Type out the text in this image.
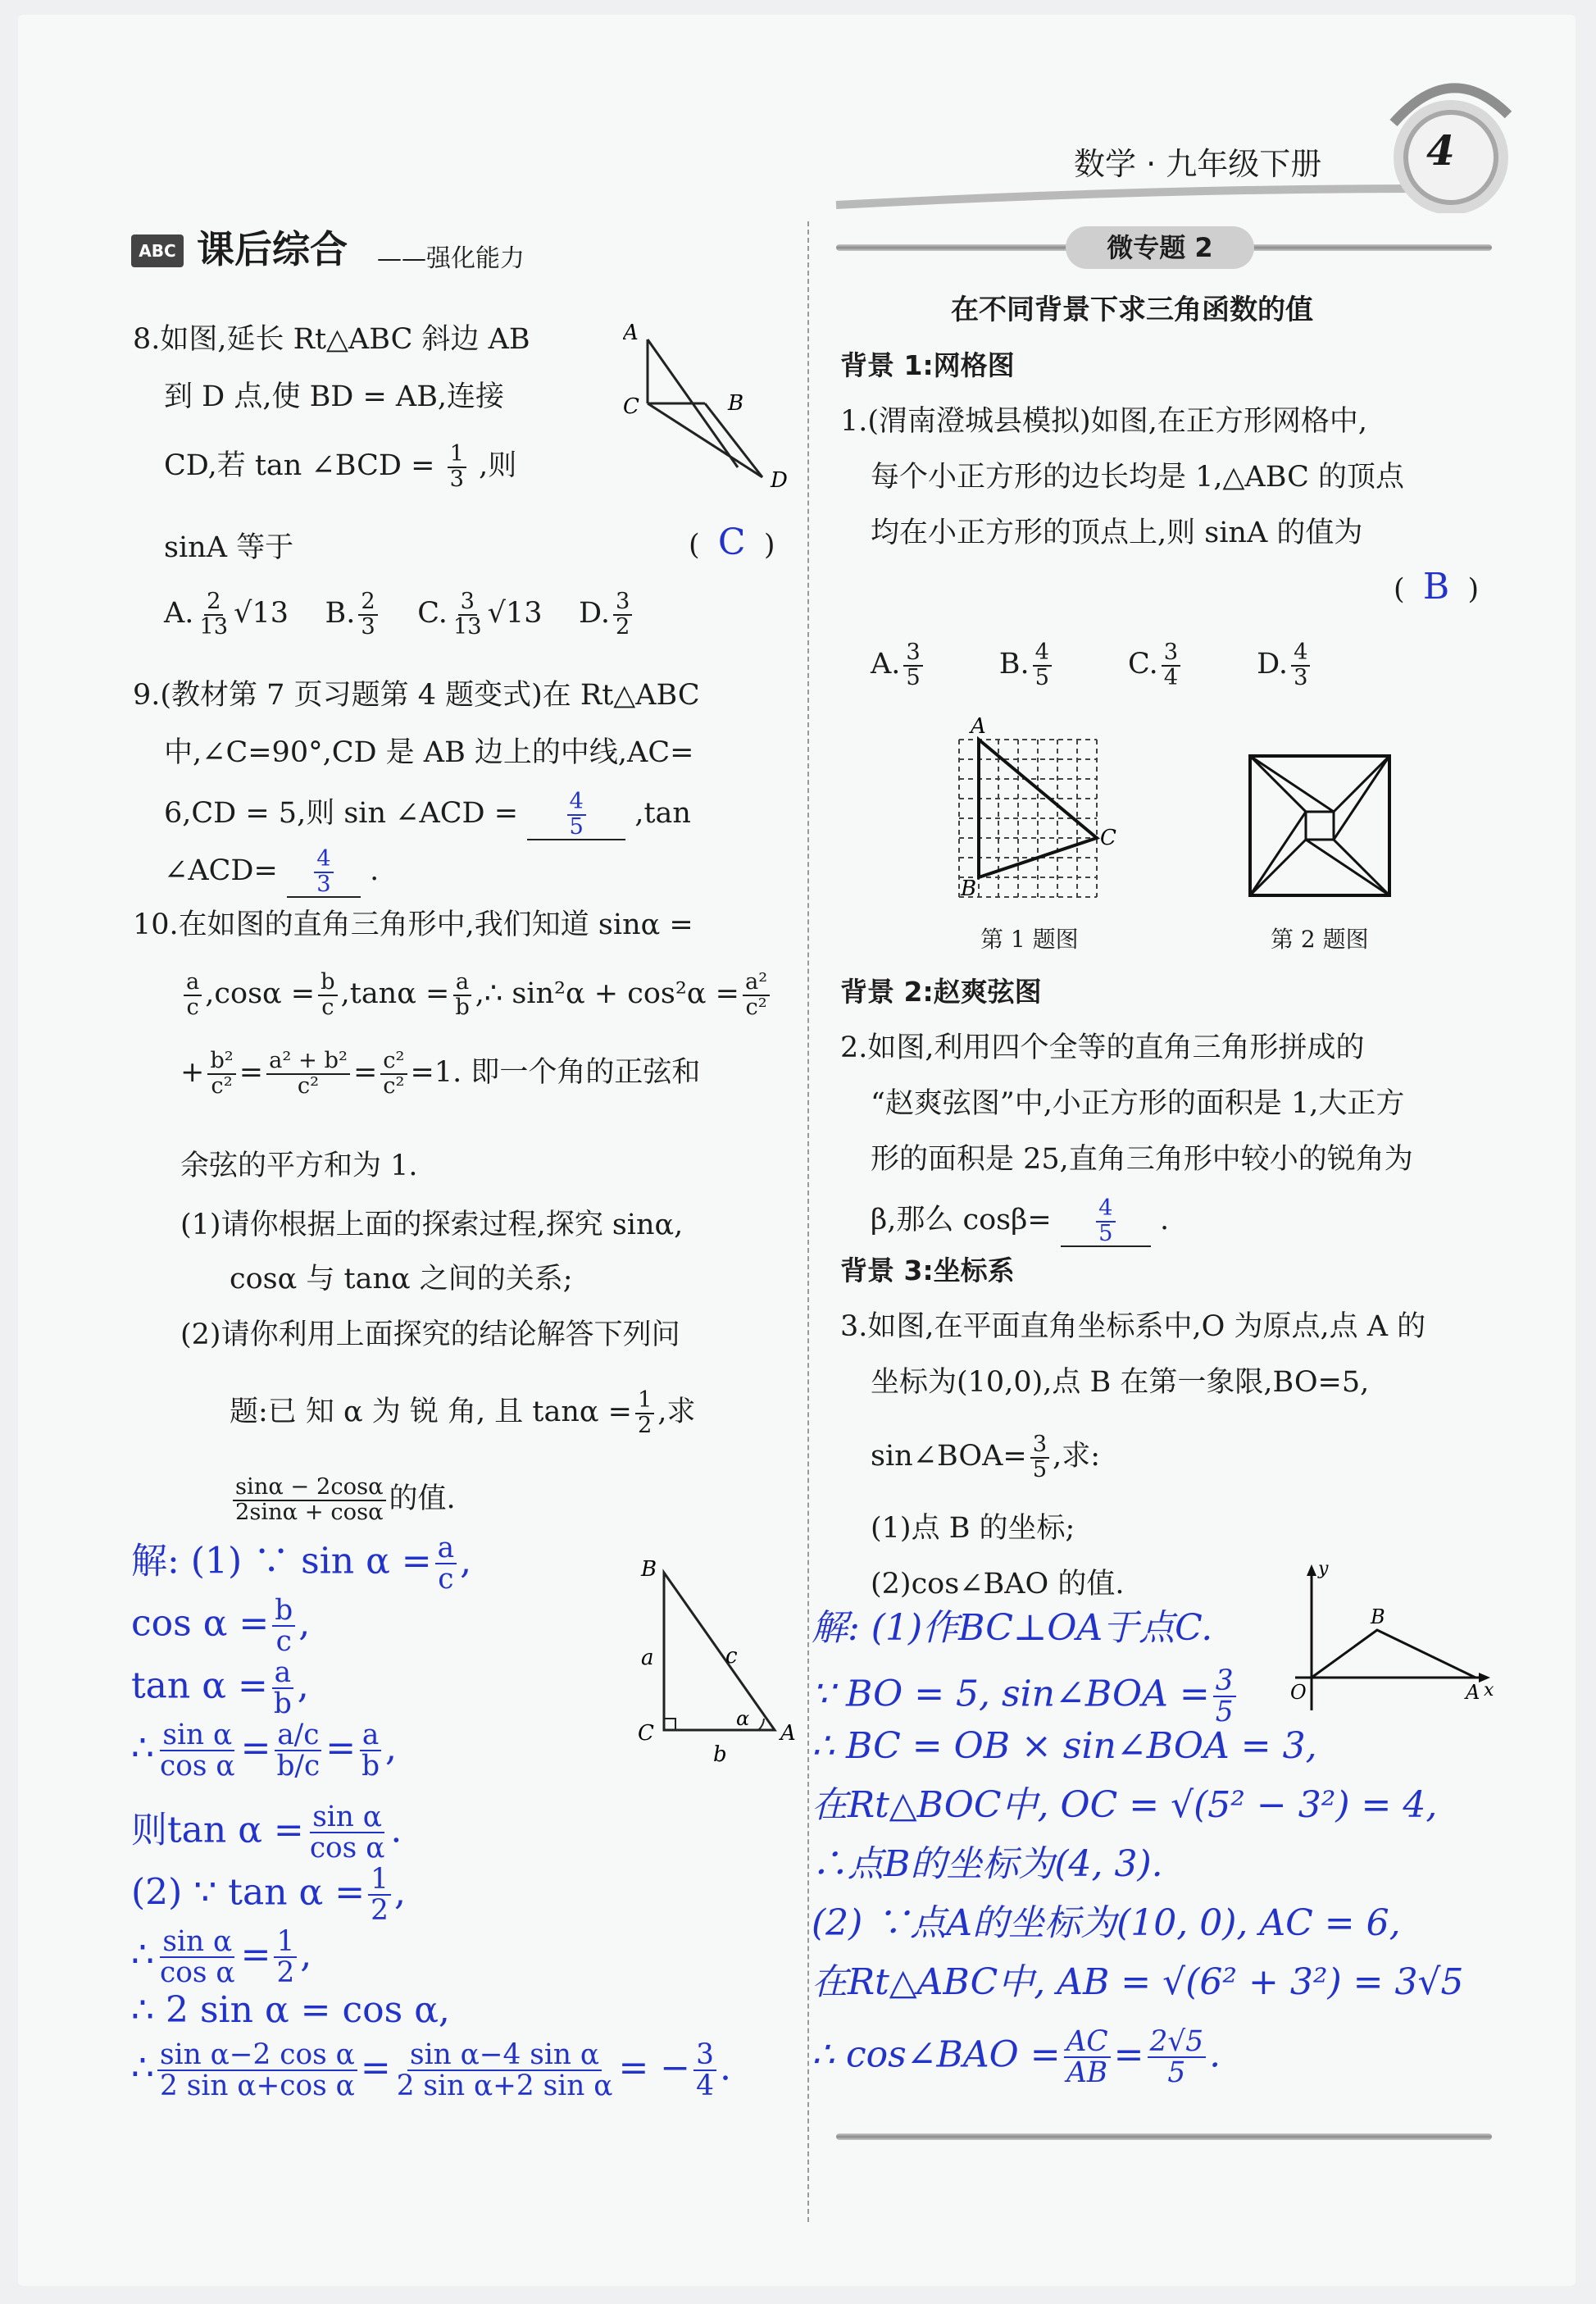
数学 · 九年级下册	4
ABC 课后综合 ——强化能力
8.如图,延长 Rt△ABC 斜边 AB
到 D 点,使 BD = AB,连接
CD,若 tan ∠BCD = $\frac{1}{3}$ ,则
sinA 等于	(  C  )
A. $\frac{2}{13} √13$ B. $\frac{2}{3} C$. $\frac{3}{13} √13$ D. $\frac{3}{2}$
A
C	B
D
9.(教材第 7 页习题第 4 题变式)在 Rt△ABC
中,∠C=90°,CD 是 AB 边上的中线,AC=
6,CD = 5,则 sin ∠ACD = $\frac{4}{5} ,\tan$
∠ACD= $\frac{4}{3}$ .
10.在如图的直角三角形中,我们知道 sinα =
$\frac{a}{c} ,\cos\alpha = \frac{b}{c} ,\tan\alpha = \frac{a}{b}$ ,∴ $\sin^2\alpha + \cos^2\alpha = \frac{\text{a²}}{\text{c²}}$
+ $\frac{\text{b²}}{\text{c²}} = \frac{\text{a² + b²}}{\text{c²}} = \frac{\text{c²}}{\text{c²}} =1$. 即一个角的正弦和
余弦的平方和为 1.
(1)请你根据上面的探索过程,探究 sinα,
cosα 与 tanα 之间的关系;
(2)请你利用上面探究的结论解答下列问
题:已 知 α 为 锐 角, 且 $\tan\alpha = \frac{1}{2}$ ,求
$\frac{\sin\alpha - 2\cos\alpha}{2\sin\alpha + \cos\alpha}$ 的值.
B
a	c
C
b
α
A
解: (1) ∵ $\sin \alpha = \frac{a}{c}$ ,
$\cos \alpha = \frac{b}{c}$ ,
$\tan \alpha = \frac{a}{b}$ ,
∴ $\frac{\text{sin α}}{\text{cos α}} = \frac{a/c}{b/c} = \frac{a}{b}$ ,
则$\tan \alpha = \frac{\text{sin α}}{\text{cos α}}$ .
(2) ∵ $\tan \alpha = \frac{1}{2}$ ,
∴ $\frac{\text{sin α}}{\text{cos α}} = \frac{1}{2}$ ,
∴ 2 sin α = cos α,
∴ $\frac{\text{sin α−2 cos α}}{\text{2 sin α+cos α}} = \frac{\text{sin α−4 sin α}}{\text{2 sin α+2 sin α}}$ = − $\frac{3}{4}$ .
微专题 2
在不同背景下求三角函数的值
背景 1:网格图
1.(渭南澄城县模拟)如图,在正方形网格中,
每个小正方形的边长均是 1,△ABC 的顶点
均在小正方形的顶点上,则 sinA 的值为
(  B  )
A. $\frac{3}{5}$	B. $\frac{4}{5}$	C. $\frac{3}{4}$	D. $\frac{4}{3}$
A
C
B
第 1 题图	第 2 题图
背景 2:赵爽弦图
2.如图,利用四个全等的直角三角形拼成的
“赵爽弦图”中,小正方形的面积是 1,大正方
形的面积是 25,直角三角形中较小的锐角为
β,那么 $\cos\beta= \frac{4}{5}$ .
背景 3:坐标系
3.如图,在平面直角坐标系中,O 为原点,点 A 的
坐标为(10,0),点 B 在第一象限,BO=5,
sin∠BOA= $\frac{3}{5}$ ,求:
(1)点 B 的坐标;
(2)cos∠BAO 的值.	y
B
O	A x
解: (1)作BC⊥OA于点C.
∵ BO = 5, sin∠BOA = $\frac{3}{5}$
∴ BC = OB × sin∠BOA = 3,
在Rt△BOC中, OC = √(5² − 3²) = 4,
∴点B的坐标为(4, 3).
(2) ∵点A的坐标为(10, 0), AC = 6,
在Rt△ABC中, AB = √(6² + 3²) = 3√5
∴ cos∠BAO = $\frac{AC}{AB} = \frac{2√5}{5}$ .
